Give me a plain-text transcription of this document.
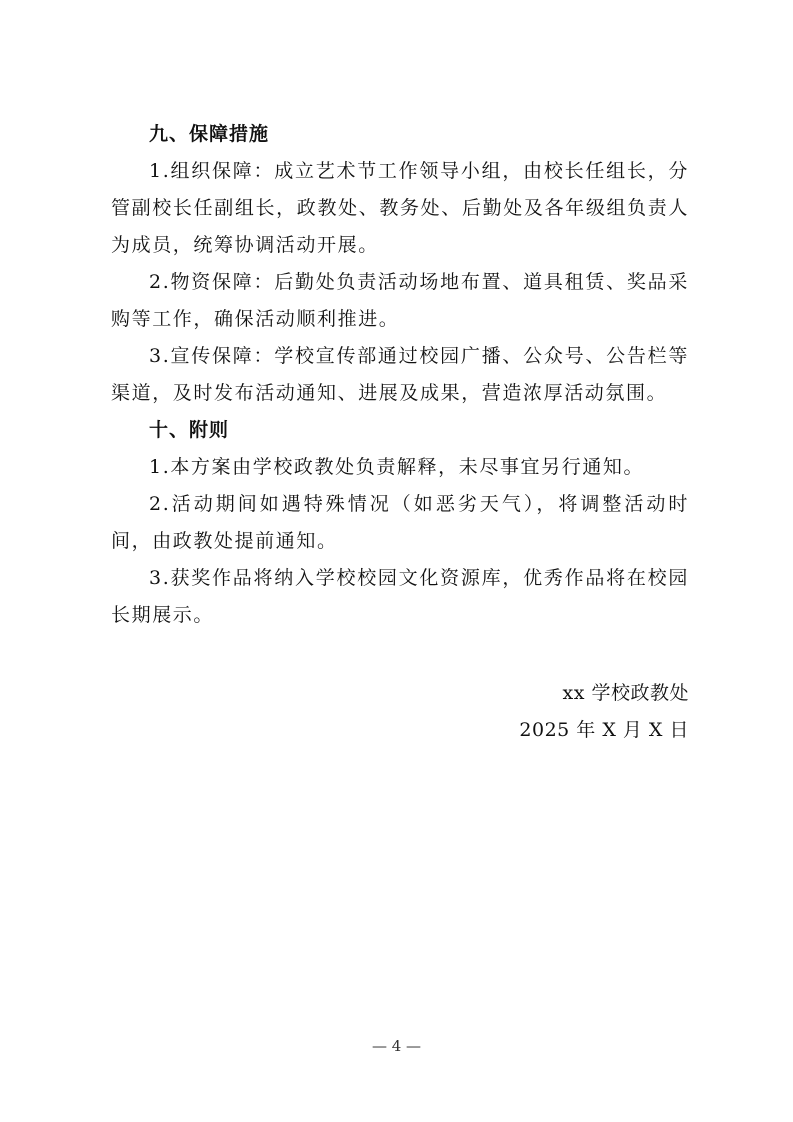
九、保障措施

1.组织保障：成立艺术节工作领导小组，由校长任组长，分管副校长任副组长，政教处、教务处、后勤处及各年级组负责人为成员，统筹协调活动开展。

2.物资保障：后勤处负责活动场地布置、道具租赁、奖品采购等工作，确保活动顺利推进。

3.宣传保障：学校宣传部通过校园广播、公众号、公告栏等渠道，及时发布活动通知、进展及成果，营造浓厚活动氛围。

十、附则

1.本方案由学校政教处负责解释，未尽事宜另行通知。

2.活动期间如遇特殊情况（如恶劣天气），将调整活动时间，由政教处提前通知。

3.获奖作品将纳入学校校园文化资源库，优秀作品将在校园长期展示。

xx 学校政教处
2025 年 X 月 X 日
— 4 —
